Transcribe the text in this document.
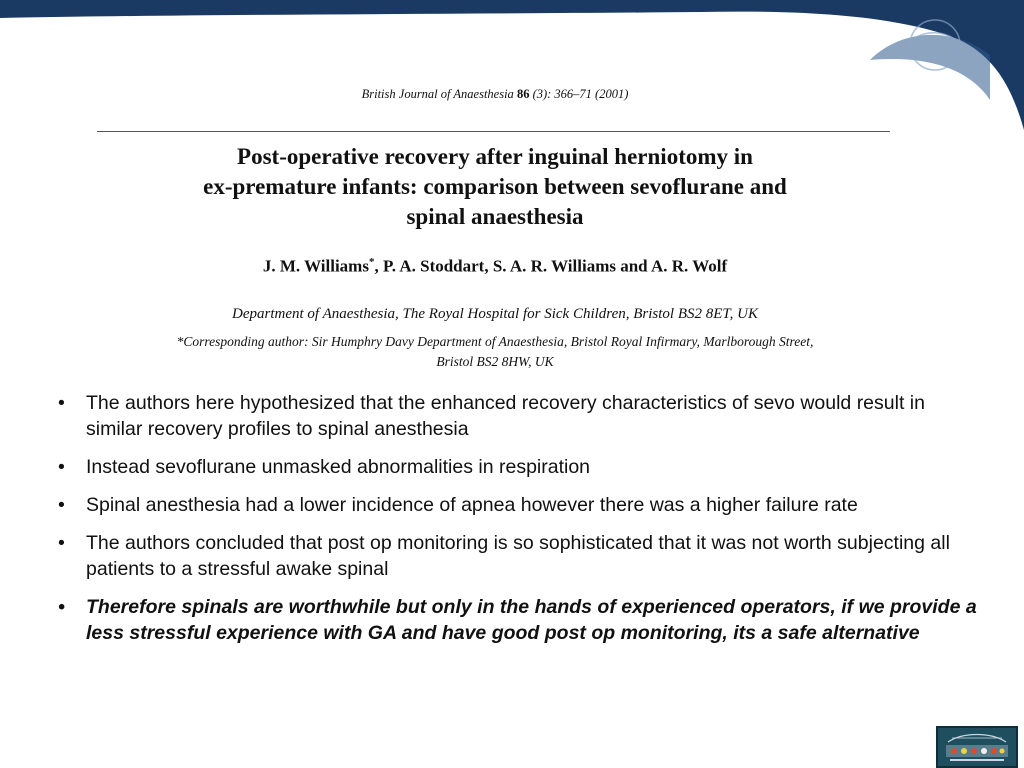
British Journal of Anaesthesia 86 (3): 366–71 (2001)
Post-operative recovery after inguinal herniotomy in
ex-premature infants: comparison between sevoflurane and
spinal anaesthesia
J. M. Williams*, P. A. Stoddart, S. A. R. Williams and A. R. Wolf
Department of Anaesthesia, The Royal Hospital for Sick Children, Bristol BS2 8ET, UK
*Corresponding author: Sir Humphry Davy Department of Anaesthesia, Bristol Royal Infirmary, Marlborough Street,
Bristol BS2 8HW, UK
• The authors here hypothesized that the enhanced recovery characteristics of sevo would result in similar recovery profiles to spinal anesthesia
• Instead sevoflurane unmasked abnormalities in respiration
• Spinal anesthesia had a lower incidence of apnea however there was a higher failure rate
• The authors concluded that post op monitoring is so sophisticated that it was not worth subjecting all patients to a stressful awake spinal
• Therefore spinals are worthwhile but only in the hands of experienced operators, if we provide a less stressful experience with GA and have good post op monitoring, its a safe alternative
